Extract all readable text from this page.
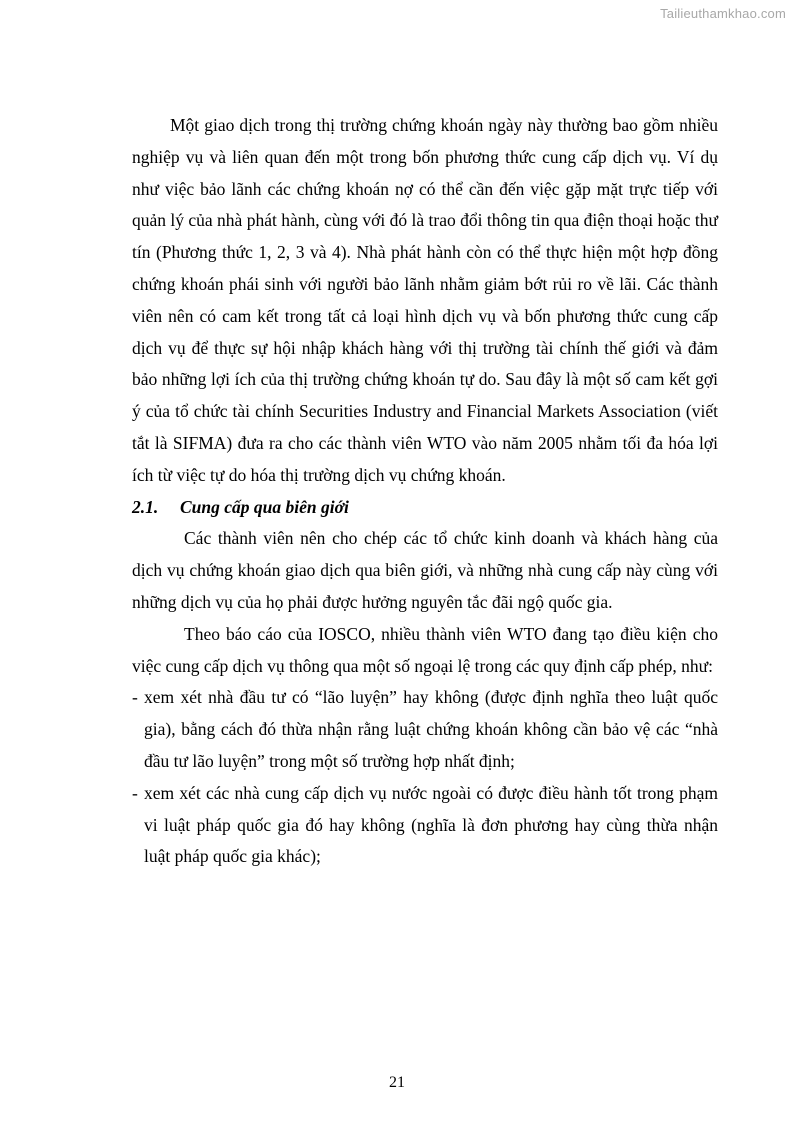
Tailieuthamkhao.com

Một giao dịch trong thị trường chứng khoán ngày này thường bao gồm nhiều nghiệp vụ và liên quan đến một trong bốn phương thức cung cấp dịch vụ. Ví dụ như việc bảo lãnh các chứng khoán nợ có thể cần đến việc gặp mặt trực tiếp với quản lý của nhà phát hành, cùng với đó là trao đổi thông tin qua điện thoại hoặc thư tín (Phương thức 1, 2, 3 và 4). Nhà phát hành còn có thể thực hiện một hợp đồng chứng khoán phái sinh với người bảo lãnh nhằm giảm bớt rủi ro về lãi. Các thành viên nên có cam kết trong tất cả loại hình dịch vụ và bốn phương thức cung cấp dịch vụ để thực sự hội nhập khách hàng với thị trường tài chính thế giới và đảm bảo những lợi ích của thị trường chứng khoán tự do. Sau đây là một số cam kết gợi ý của tổ chức tài chính Securities Industry and Financial Markets Association (viết tắt là SIFMA) đưa ra cho các thành viên WTO vào năm 2005 nhằm tối đa hóa lợi ích từ việc tự do hóa thị trường dịch vụ chứng khoán.

2.1.	Cung cấp qua biên giới

Các thành viên nên cho chép các tổ chức kinh doanh và khách hàng của dịch vụ chứng khoán giao dịch qua biên giới, và những nhà cung cấp này cùng với những dịch vụ của họ phải được hưởng nguyên tắc đãi ngộ quốc gia.

Theo báo cáo của IOSCO, nhiều thành viên WTO đang tạo điều kiện cho việc cung cấp dịch vụ thông qua một số ngoại lệ trong các quy định cấp phép, như:

- xem xét nhà đầu tư có “lão luyện” hay không (được định nghĩa theo luật quốc gia), bằng cách đó thừa nhận rằng luật chứng khoán không cần bảo vệ các “nhà đầu tư lão luyện” trong một số trường hợp nhất định;
- xem xét các nhà cung cấp dịch vụ nước ngoài có được điều hành tốt trong phạm vi luật pháp quốc gia đó hay không (nghĩa là đơn phương hay cùng thừa nhận luật pháp quốc gia khác);
21
